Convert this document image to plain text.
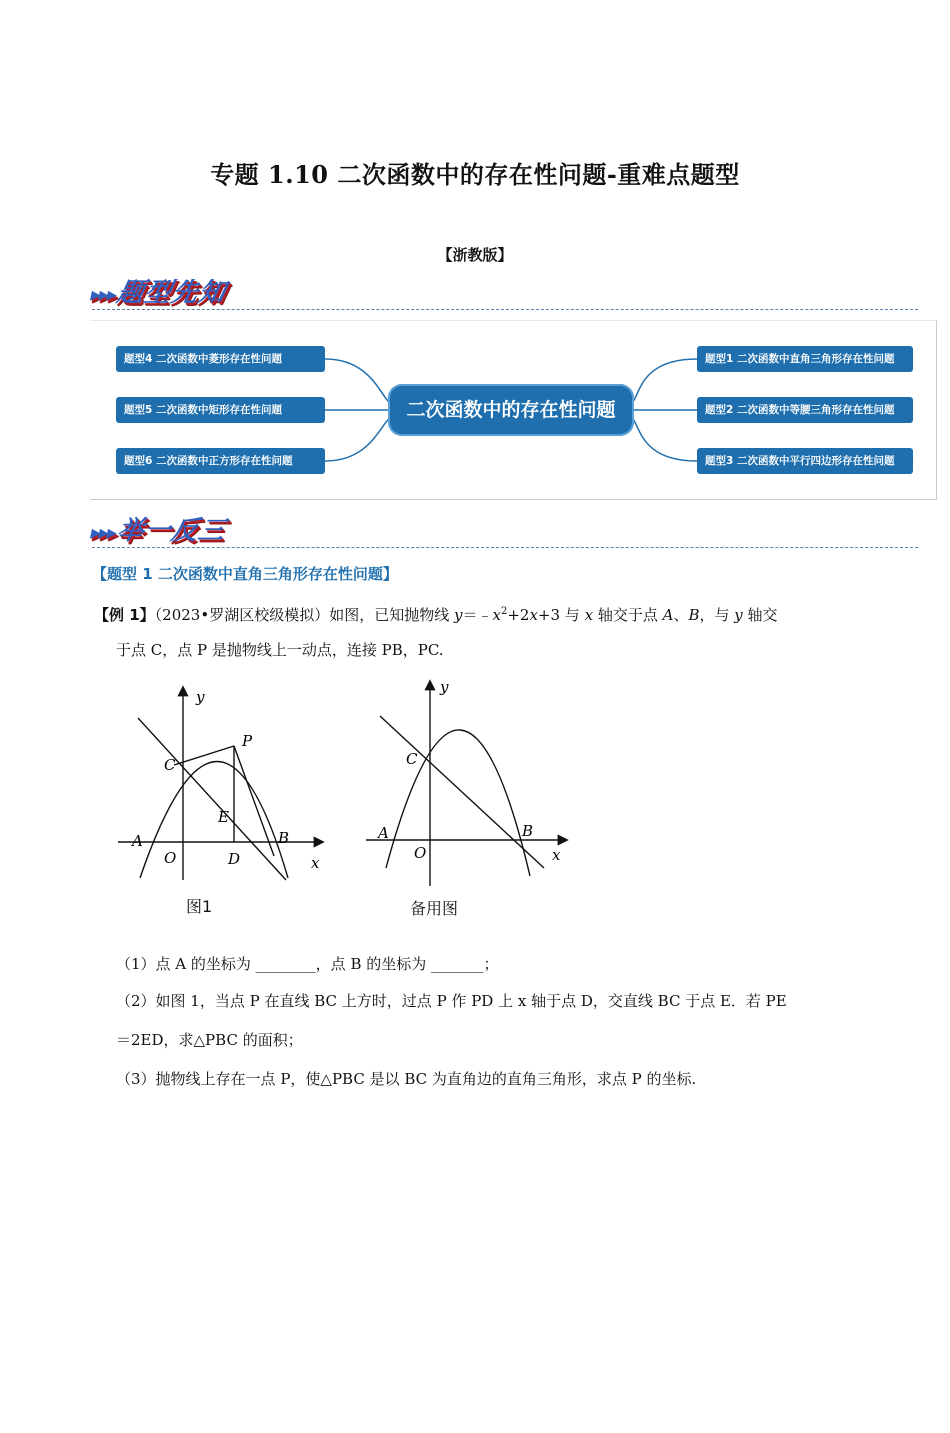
专题 1.10 二次函数中的存在性问题-重难点题型
【浙教版】
▸▸▸题型先知
题型4 二次函数中菱形存在性问题
题型5 二次函数中矩形存在性问题
题型6 二次函数中正方形存在性问题
二次函数中的存在性问题
题型1 二次函数中直角三角形存在性问题
题型2 二次函数中等腰三角形存在性问题
题型3 二次函数中平行四边形存在性问题
▸▸▸举一反三
【题型 1 二次函数中直角三角形存在性问题】
【例 1】（2023•罗湖区校级模拟）如图，已知抛物线 $y=﹣x^2+2x+3$ 与 x 轴交于点 A、B，与 y 轴交
于点 C，点 P 是抛物线上一动点，连接 PB，PC.
y
x
O
A	B
C
P
D
E
图1
y
x
O
A	B
C
备用图
（1）点 A 的坐标为 ________，点 B 的坐标为 _______；
（2）如图 1，当点 P 在直线 BC 上方时，过点 P 作 PD 上 x 轴于点 D，交直线 BC 于点 E．若 PE
＝2ED，求△PBC 的面积；
（3）抛物线上存在一点 P，使△PBC 是以 BC 为直角边的直角三角形，求点 P 的坐标.
